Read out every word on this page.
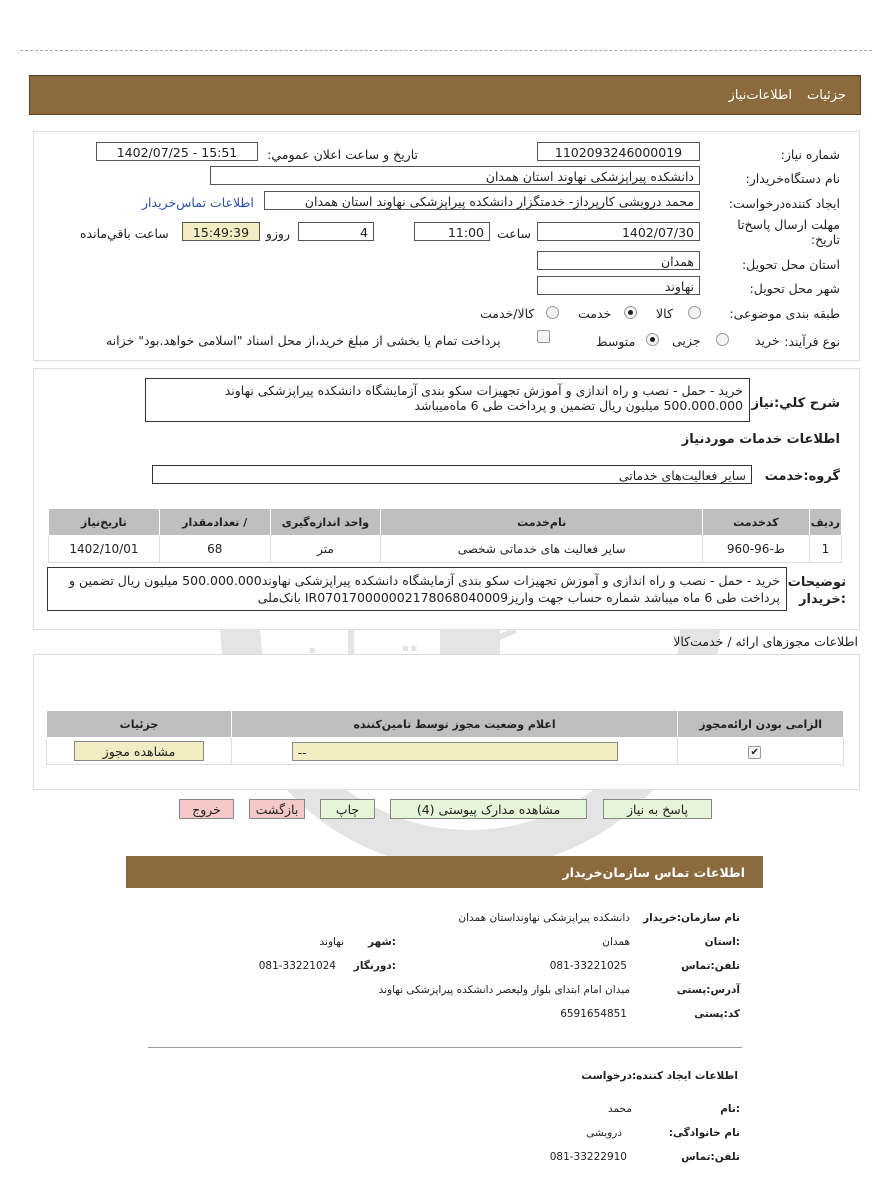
جزئیات
اطلاعات‌نیاز
شماره نیاز:
1102093246000019
تاریخ و ساعت اعلان عمومي:
1402/07/25 - 15:51
نام دستگاه‌خریدار:
دانشکده پیراپزشکی نهاوند استان همدان
ایجاد کننده‌درخواست:
محمد درویشی کارپرداز- خدمتگزار دانشکده پیراپزشکی نهاوند استان همدان
اطلاعات تماس‌خریدار
مهلت ارسال پاسخ‌تا تاریخ:
1402/07/30
ساعت
11:00
4
روزو
15:49:39
ساعت باقي‌مانده
استان محل تحویل:
همدان
شهر محل تحویل:
نهاوند
طبقه بندی موضوعی:
کالا
خدمت
کالا/خدمت
نوع فرآیند:
خرید
جزیی
متوسط
پرداخت تمام یا بخشی از مبلغ خرید،از محل اسناد "اسلامی خواهد.بود" خزانه
شرح کلي:نیاز
خرید - حمل - نصب و راه اندازی و آموزش تجهیزات سکو بندی آزمایشگاه دانشکده پیراپزشکی نهاوند 500.000.000 میلیون ریال تضمین و پرداخت طی 6 ماه‌میباشد
اطلاعات خدمات موردنیاز
گروه:خدمت
سایر فعالیت‌های خدماتی
ردیف	کدخدمت	نام‌خدمت	واحد اندازه‌گیری	/ تعدادمقدار	تاریخ‌نیاز
1	ط-96-960	سایر فعالیت های خدماتی شخصی	متر	68	1402/10/01
توضیحات :خریدار
خرید - حمل - نصب و راه اندازی و آموزش تجهیزات سکو بندی آزمایشگاه دانشکده پیراپزشکی نهاوند500.000.000 میلیون ریال تضمین و پرداخت طی 6 ماه میباشد شماره حساب جهت واریزIR070170000002178068040009 بانک‌ملی
اطلاعات مجوزهای ارائه / خدمت‌کالا
الزامی بودن ارائه‌مجوز	اعلام وضعیت مجوز توسط تامین‌کننده	جزئیات
✔	--	مشاهده مجوز
پاسخ به نیاز
مشاهده مدارک پیوستی (4)
چاپ
بازگشت
خروج
اطلاعات تماس سازمان‌خریدار
نام سازمان:خریدار
دانشکده پیراپزشکی نهاوند‌استان همدان
:استان
همدان
:شهر
نهاوند
تلفن:تماس
081-33221025
:دورنگار
081-33221024
آدرس:پستی
میدان امام ابتدای بلوار ولیعصر دانشکده پیراپزشکی نهاوند
کد:پستی
6591654851
اطلاعات ایجاد کننده:درخواست
:نام
محمد
نام خانوادگی:
درویشی
تلفن:تماس
081-33222910
